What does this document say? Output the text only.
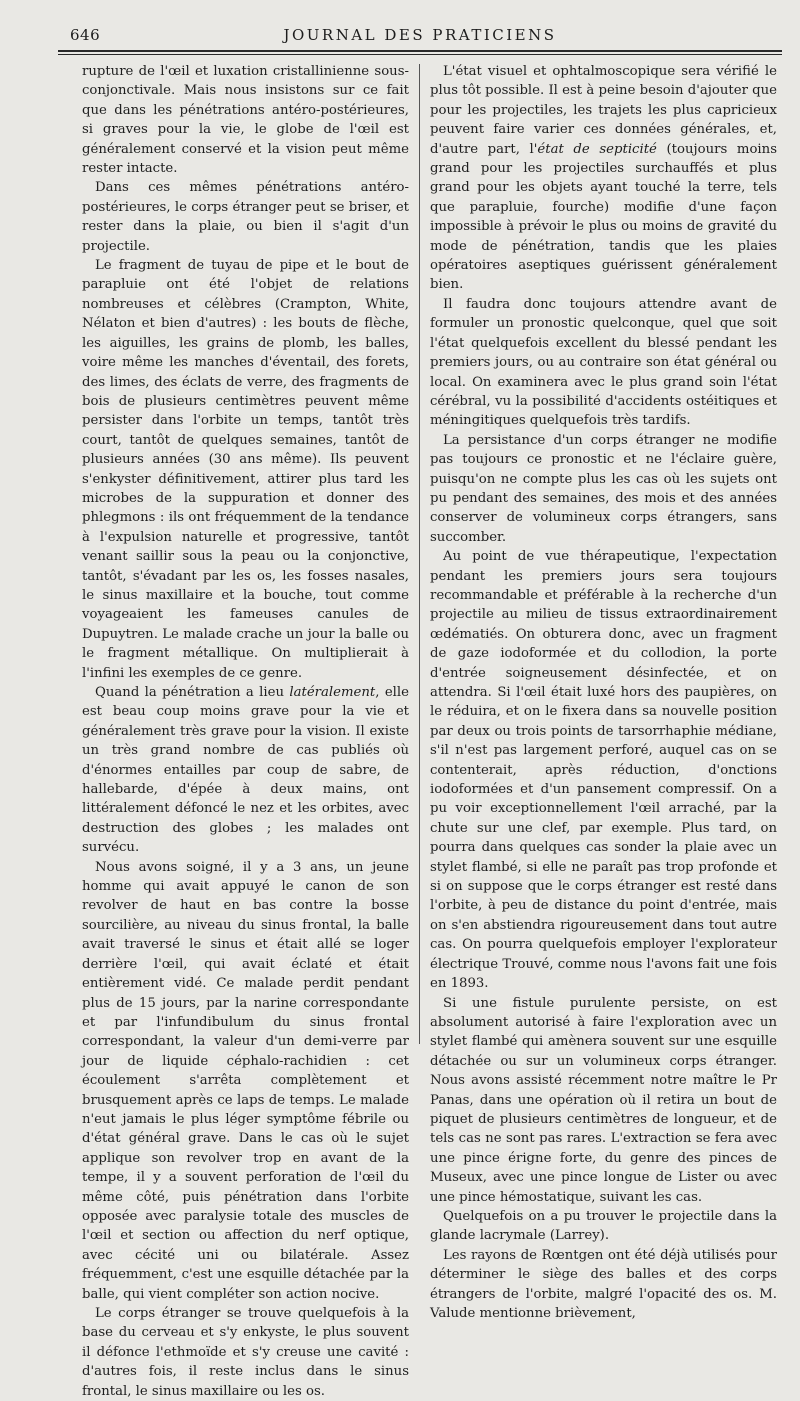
646	JOURNAL DES PRATICIENS

rupture de l'œil et luxation cristallinienne sous-conjonctivale. Mais nous insistons sur ce fait que dans les pénétrations antéro-postérieures, si graves pour la vie, le globe de l'œil est généralement conservé et la vision peut même rester intacte.

Dans ces mêmes pénétrations antéro-postérieures, le corps étranger peut se briser, et rester dans la plaie, ou bien il s'agit d'un projectile.

Le fragment de tuyau de pipe et le bout de parapluie ont été l'objet de relations nombreuses et célèbres (Crampton, White, Nélaton et bien d'autres) : les bouts de flèche, les aiguilles, les grains de plomb, les balles, voire même les manches d'éventail, des forets, des limes, des éclats de verre, des fragments de bois de plusieurs centimètres peuvent même persister dans l'orbite un temps, tantôt très court, tantôt de quelques semaines, tantôt de plusieurs années (30 ans même). Ils peuvent s'enkyster définitivement, attirer plus tard les microbes de la suppuration et donner des phlegmons : ils ont fréquemment de la tendance à l'expulsion naturelle et progressive, tantôt venant saillir sous la peau ou la conjonctive, tantôt, s'évadant par les os, les fosses nasales, le sinus maxillaire et la bouche, tout comme voyageaient les fameuses canules de Dupuytren. Le malade crache un jour la balle ou le fragment métallique. On multiplierait à l'infini les exemples de ce genre.

Quand la pénétration a lieu latéralement, elle est beau coup moins grave pour la vie et généralement très grave pour la vision. Il existe un très grand nombre de cas publiés où d'énormes entailles par coup de sabre, de hallebarde, d'épée à deux mains, ont littéralement défoncé le nez et les orbites, avec destruction des globes ; les malades ont survécu.

Nous avons soigné, il y a 3 ans, un jeune homme qui avait appuyé le canon de son revolver de haut en bas contre la bosse sourcilière, au niveau du sinus frontal, la balle avait traversé le sinus et était allé se loger derrière l'œil, qui avait éclaté et était entièrement vidé. Ce malade perdit pendant plus de 15 jours, par la narine correspondante et par l'infundibulum du sinus frontal correspondant, la valeur d'un demi-verre par jour de liquide céphalo-rachidien : cet écoulement s'arrêta complètement et brusquement après ce laps de temps. Le malade n'eut jamais le plus léger symptôme fébrile ou d'état général grave. Dans le cas où le sujet applique son revolver trop en avant de la tempe, il y a souvent perforation de l'œil du même côté, puis pénétration dans l'orbite opposée avec paralysie totale des muscles de l'œil et section ou affection du nerf optique, avec cécité uni ou bilatérale. Assez fréquemment, c'est une esquille détachée par la balle, qui vient compléter son action nocive.

Le corps étranger se trouve quelquefois à la base du cerveau et s'y enkyste, le plus souvent il défonce l'ethmoïde et s'y creuse une cavité : d'autres fois, il reste inclus dans le sinus frontal, le sinus maxillaire ou les os.

L'état visuel et ophtalmoscopique sera vérifié le plus tôt possible. Il est à peine besoin d'ajouter que pour les projectiles, les trajets les plus capricieux peuvent faire varier ces données générales, et, d'autre part, l'état de septicité (toujours moins grand pour les projectiles surchauffés et plus grand pour les objets ayant touché la terre, tels que parapluie, fourche) modifie d'une façon impossible à prévoir le plus ou moins de gravité du mode de pénétration, tandis que les plaies opératoires aseptiques guérissent généralement bien.

Il faudra donc toujours attendre avant de formuler un pronostic quelconque, quel que soit l'état quelquefois excellent du blessé pendant les premiers jours, ou au contraire son état général ou local. On examinera avec le plus grand soin l'état cérébral, vu la possibilité d'accidents ostéitiques et méningitiques quelquefois très tardifs.

La persistance d'un corps étranger ne modifie pas toujours ce pronostic et ne l'éclaire guère, puisqu'on ne compte plus les cas où les sujets ont pu pendant des semaines, des mois et des années conserver de volumineux corps étrangers, sans succomber.

Au point de vue thérapeutique, l'expectation pendant les premiers jours sera toujours recommandable et préférable à la recherche d'un projectile au milieu de tissus extraordinairement œdématiés. On obturera donc, avec un fragment de gaze iodoformée et du collodion, la porte d'entrée soigneusement désinfectée, et on attendra. Si l'œil était luxé hors des paupières, on le réduira, et on le fixera dans sa nouvelle position par deux ou trois points de tarsorrhaphie médiane, s'il n'est pas largement perforé, auquel cas on se contenterait, après réduction, d'onctions iodoformées et d'un pansement compressif. On a pu voir exceptionnellement l'œil arraché, par la chute sur une clef, par exemple. Plus tard, on pourra dans quelques cas sonder la plaie avec un stylet flambé, si elle ne paraît pas trop profonde et si on suppose que le corps étranger est resté dans l'orbite, à peu de distance du point d'entrée, mais on s'en abstiendra rigoureusement dans tout autre cas. On pourra quelquefois employer l'explorateur électrique Trouvé, comme nous l'avons fait une fois en 1893.

Si une fistule purulente persiste, on est absolument autorisé à faire l'exploration avec un stylet flambé qui amènera souvent sur une esquille détachée ou sur un volumineux corps étranger. Nous avons assisté récemment notre maître le Pr Panas, dans une opération où il retira un bout de piquet de plusieurs centimètres de longueur, et de tels cas ne sont pas rares. L'extraction se fera avec une pince érigne forte, du genre des pinces de Museux, avec une pince longue de Lister ou avec une pince hémostatique, suivant les cas.

Quelquefois on a pu trouver le projectile dans la glande lacrymale (Larrey).

Les rayons de Rœntgen ont été déjà utilisés pour déterminer le siège des balles et des corps étrangers de l'orbite, malgré l'opacité des os. M. Valude mentionne brièvement,
